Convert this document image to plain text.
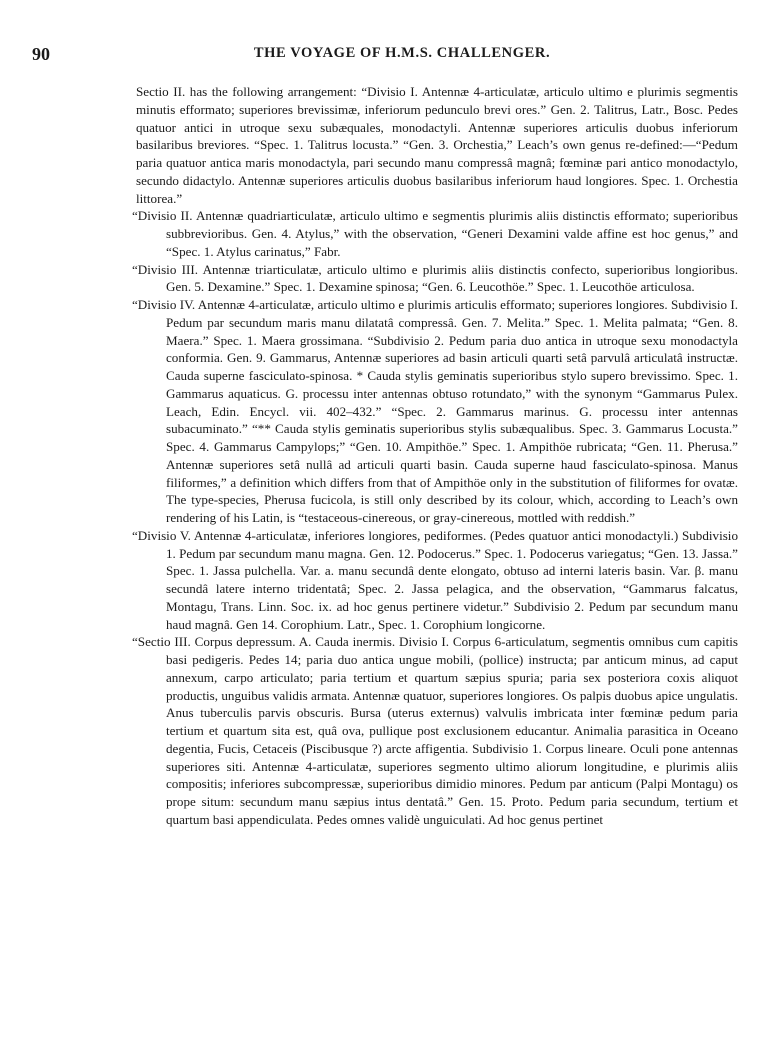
90	THE VOYAGE OF H.M.S. CHALLENGER.

Sectio II. has the following arrangement: “Divisio I. Antennæ 4-articulatæ, articulo ultimo e plurimis segmentis minutis efformato; superiores brevissimæ, inferiorum pedunculo brevi ores.” Gen. 2. Talitrus, Latr., Bosc. Pedes quatuor antici in utroque sexu subæquales, monodactyli. Antennæ superiores articulis duobus inferiorum basilaribus breviores. “Spec. 1. Talitrus locusta.” “Gen. 3. Orchestia,” Leach’s own genus re-defined:—“Pedum paria quatuor antica maris monodactyla, pari secundo manu compressâ magnâ; fœminæ pari antico monodactylo, secundo didactylo. Antennæ superiores articulis duobus basilaribus inferiorum haud longiores. Spec. 1. Orchestia littorea.”

“Divisio II. Antennæ quadriarticulatæ, articulo ultimo e segmentis plurimis aliis distinctis efformato; superioribus subbrevioribus. Gen. 4. Atylus,” with the observation, “Generi Dexamini valde affine est hoc genus,” and “Spec. 1. Atylus carinatus,” Fabr.

“Divisio III. Antennæ triarticulatæ, articulo ultimo e plurimis aliis distinctis confecto, superioribus longioribus. Gen. 5. Dexamine.” Spec. 1. Dexamine spinosa; “Gen. 6. Leucothöe.” Spec. 1. Leucothöe articulosa.

“Divisio IV. Antennæ 4-articulatæ, articulo ultimo e plurimis articulis efformato; superiores longiores. Subdivisio I. Pedum par secundum maris manu dilatatâ compressâ. Gen. 7. Melita.” Spec. 1. Melita palmata; “Gen. 8. Maera.” Spec. 1. Maera grossimana. “Subdivisio 2. Pedum paria duo antica in utroque sexu monodactyla conformia. Gen. 9. Gammarus, Antennæ superiores ad basin articuli quarti setâ parvulâ articulatâ instructæ. Cauda superne fasciculato-spinosa. * Cauda stylis geminatis superioribus stylo supero brevissimo. Spec. 1. Gammarus aquaticus. G. processu inter antennas obtuso rotundato,” with the synonym “Gammarus Pulex. Leach, Edin. Encycl. vii. 402–432.” “Spec. 2. Gammarus marinus. G. processu inter antennas subacuminato.” “** Cauda stylis geminatis superioribus stylis subæqualibus. Spec. 3. Gammarus Locusta.” Spec. 4. Gammarus Campylops;” “Gen. 10. Ampithöe.” Spec. 1. Ampithöe rubricata; “Gen. 11. Pherusa.” Antennæ superiores setâ nullâ ad articuli quarti basin. Cauda superne haud fasciculato-spinosa. Manus filiformes,” a definition which differs from that of Ampithöe only in the substitution of filiformes for ovatæ. The type-species, Pherusa fucicola, is still only described by its colour, which, according to Leach’s own rendering of his Latin, is “testaceous-cinereous, or gray-cinereous, mottled with reddish.”

“Divisio V. Antennæ 4-articulatæ, inferiores longiores, pediformes. (Pedes quatuor antici monodactyli.) Subdivisio 1. Pedum par secundum manu magna. Gen. 12. Podocerus.” Spec. 1. Podocerus variegatus; “Gen. 13. Jassa.” Spec. 1. Jassa pulchella. Var. a. manu secundâ dente elongato, obtuso ad interni lateris basin. Var. β. manu secundâ latere interno tridentatâ; Spec. 2. Jassa pelagica, and the observation, “Gammarus falcatus, Montagu, Trans. Linn. Soc. ix. ad hoc genus pertinere videtur.” Subdivisio 2. Pedum par secundum manu haud magnâ. Gen 14. Corophium. Latr., Spec. 1. Corophium longicorne.

“Sectio III. Corpus depressum. A. Cauda inermis. Divisio I. Corpus 6-articulatum, segmentis omnibus cum capitis basi pedigeris. Pedes 14; paria duo antica ungue mobili, (pollice) instructa; par anticum minus, ad caput annexum, carpo articulato; paria tertium et quartum sæpius spuria; paria sex posteriora coxis aliquot productis, unguibus validis armata. Antennæ quatuor, superiores longiores. Os palpis duobus apice ungulatis. Anus tuberculis parvis obscuris. Bursa (uterus externus) valvulis imbricata inter fœminæ pedum paria tertium et quartum sita est, quâ ova, pullique post exclusionem educantur. Animalia parasitica in Oceano degentia, Fucis, Cetaceis (Piscibusque ?) arcte affigentia. Subdivisio 1. Corpus lineare. Oculi pone antennas superiores siti. Antennæ 4-articulatæ, superiores segmento ultimo aliorum longitudine, e plurimis aliis compositis; inferiores subcompressæ, superioribus dimidio minores. Pedum par anticum (Palpi Montagu) os prope situm: secundum manu sæpius intus dentatâ.” Gen. 15. Proto. Pedum paria secundum, tertium et quartum basi appendiculata. Pedes omnes validè unguiculati. Ad hoc genus pertinet
